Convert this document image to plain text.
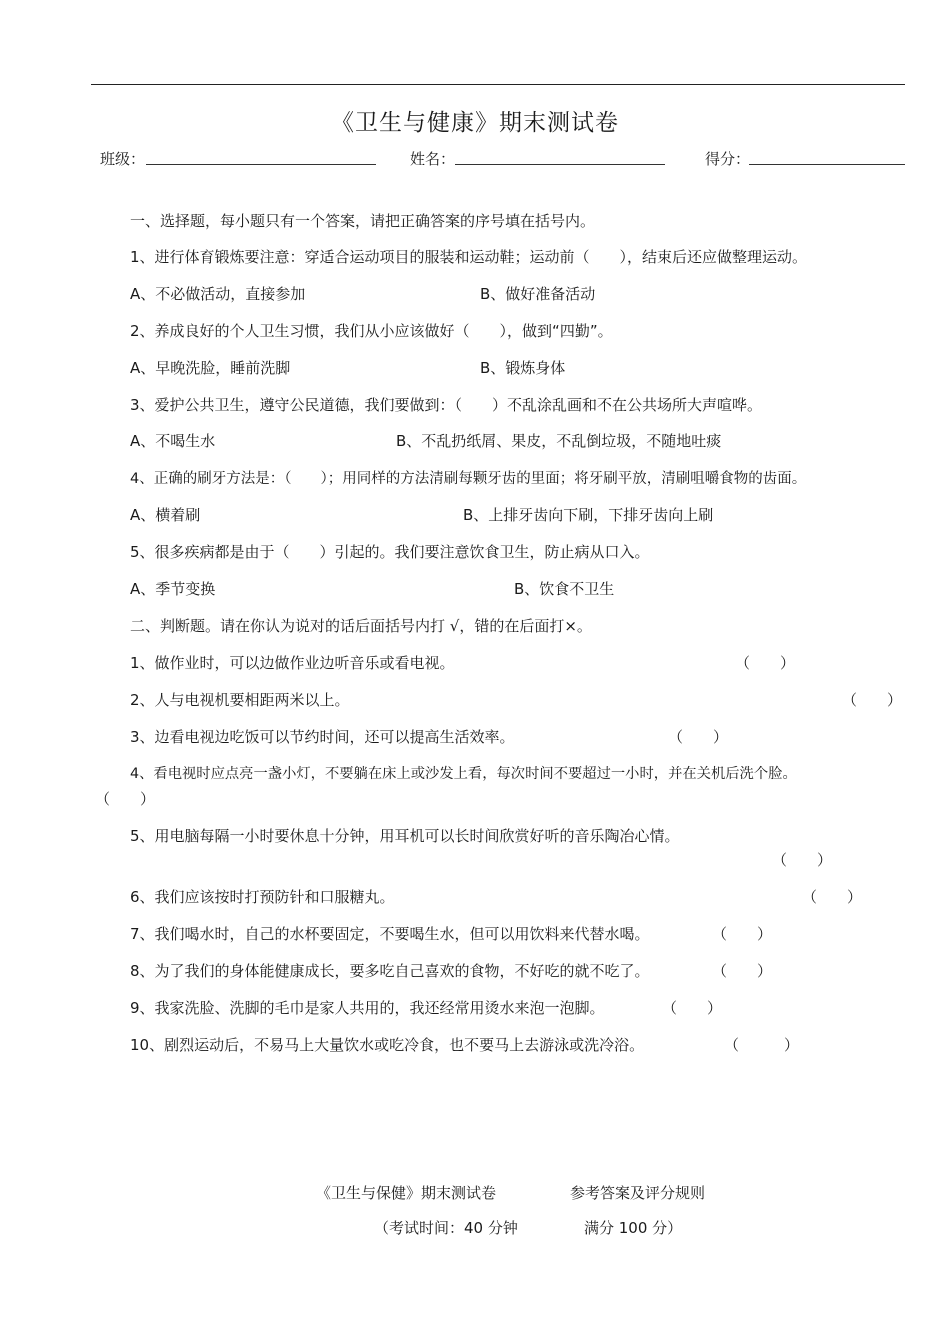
《卫生与健康》期末测试卷
班级：	姓名：	得分：
一、选择题，每小题只有一个答案，请把正确答案的序号填在括号内。
1、进行体育锻炼要注意：穿适合运动项目的服装和运动鞋；运动前（　　），结束后还应做整理运动。
A、不必做活动，直接参加	B、做好准备活动
2、养成良好的个人卫生习惯，我们从小应该做好（　　），做到“四勤”。
A、早晚洗脸，睡前洗脚	B、锻炼身体
3、爱护公共卫生，遵守公民道德，我们要做到：（　　）不乱涂乱画和不在公共场所大声喧哗。
A、不喝生水	B、不乱扔纸屑、果皮，不乱倒垃圾，不随地吐痰
4、正确的刷牙方法是：（　　）；用同样的方法清刷每颗牙齿的里面；将牙刷平放，清刷咀嚼食物的齿面。
A、横着刷	B、上排牙齿向下刷，下排牙齿向上刷
5、很多疾病都是由于（　　）引起的。我们要注意饮食卫生，防止病从口入。
A、季节变换	B、饮食不卫生
二、判断题。请在你认为说对的话后面括号内打 √，错的在后面打×。
1、做作业时，可以边做作业边听音乐或看电视。	（　　）
2、人与电视机要相距两米以上。	（　　）
3、边看电视边吃饭可以节约时间，还可以提高生活效率。	（　　）
4、看电视时应点亮一盏小灯，不要躺在床上或沙发上看，每次时间不要超过一小时，并在关机后洗个脸。
（　　）
5、用电脑每隔一小时要休息十分钟，用耳机可以长时间欣赏好听的音乐陶冶心情。
（　　）
6、我们应该按时打预防针和口服糖丸。	（　　）
7、我们喝水时，自己的水杯要固定，不要喝生水，但可以用饮料来代替水喝。	（　　）
8、为了我们的身体能健康成长，要多吃自己喜欢的食物，不好吃的就不吃了。	（　　）
9、我家洗脸、洗脚的毛巾是家人共用的，我还经常用烫水来泡一泡脚。	（　　）
10、剧烈运动后，不易马上大量饮水或吃冷食，也不要马上去游泳或洗冷浴。	（　　　）
《卫生与保健》期末测试卷	参考答案及评分规则
（考试时间：40 分钟	满分 100 分）
